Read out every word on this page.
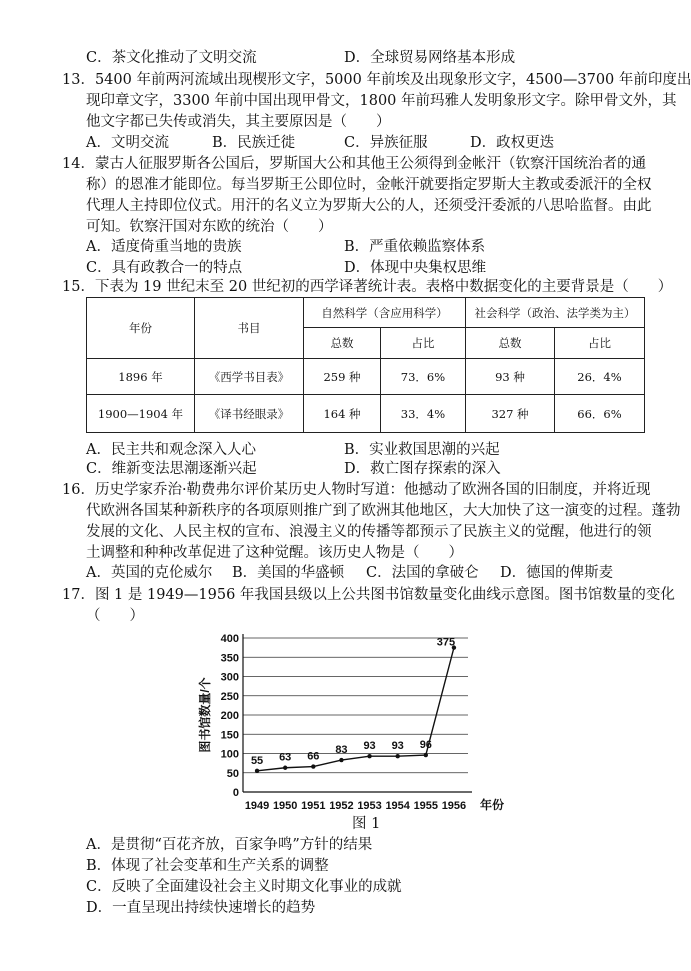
C．茶文化推动了文明交流	D．全球贸易网络基本形成
13．5400 年前两河流域出现楔形文字，5000 年前埃及出现象形文字，4500—3700 年前印度出
现印章文字，3300 年前中国出现甲骨文，1800 年前玛雅人发明象形文字。除甲骨文外，其
他文字都已失传或消失，其主要原因是（　　）
A．文明交流	B．民族迁徙	C．异族征服	D．政权更迭
14．蒙古人征服罗斯各公国后，罗斯国大公和其他王公须得到金帐汗（钦察汗国统治者的通
称）的恩准才能即位。每当罗斯王公即位时，金帐汗就要指定罗斯大主教或委派汗的全权
代理人主持即位仪式。用汗的名义立为罗斯大公的人，还须受汗委派的八思哈监督。由此
可知。钦察汗国对东欧的统治（　　）
A．适度倚重当地的贵族	B．严重依赖监察体系
C．具有政教合一的特点	D．体现中央集权思维
15．下表为 19 世纪末至 20 世纪初的西学译著统计表。表格中数据变化的主要背景是（　　）
年份	书目	自然科学（含应用科学）		社会科学（政治、法学类为主）	
		总数	占比	总数	占比
1896 年	《西学书目表》	259 种	73．6%	93 种	26．4%
1900—1904 年	《译书经眼录》	164 种	33．4%	327 种	66．6%
A．民主共和观念深入人心	B．实业救国思潮的兴起
C．维新变法思潮逐渐兴起	D．救亡图存探索的深入
16．历史学家乔治·勒费弗尔评价某历史人物时写道：他撼动了欧洲各国的旧制度，并将近现
代欧洲各国某种新秩序的各项原则推广到了欧洲其他地区，大大加快了这一演变的过程。蓬勃
发展的文化、人民主权的宣布、浪漫主义的传播等都预示了民族主义的觉醒，他进行的领
土调整和种种改革促进了这种觉醒。该历史人物是（　　）
A．英国的克伦威尔 B．美国的华盛顿 C．法国的拿破仑 D．德国的俾斯麦
17．图 1 是 1949—1956 年我国县级以上公共图书馆数量变化曲线示意图。图书馆数量的变化
（　　）
0
50
100
150
200
250
300
350
400
1949 1950 1951 1952 1953 1954 1955 1956
55 63 66
83 93 93 96
375
图书馆数量/个
年份
图 1
A．是贯彻“百花齐放，百家争鸣”方针的结果
B．体现了社会变革和生产关系的调整
C．反映了全面建设社会主义时期文化事业的成就
D．一直呈现出持续快速增长的趋势
